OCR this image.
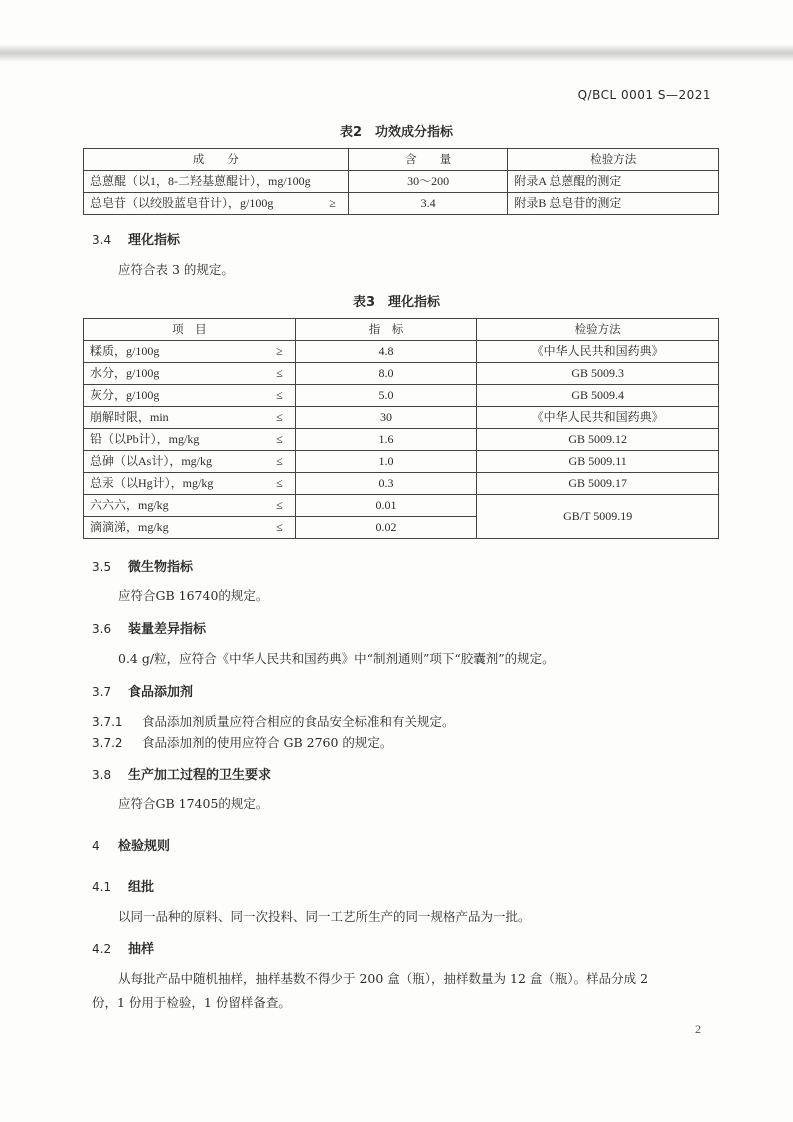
Q/BCL 0001 S—2021
表2　功效成分指标
成　　分	含　　量	检验方法
总蒽醌（以1，8-二羟基蒽醌计），mg/100g	30～200	附录A 总蒽醌的测定
总皂苷（以绞股蓝皂苷计），g/100g ≥	3.4	附录B 总皂苷的测定
3.4 理化指标
应符合表 3 的规定。
表3　理化指标
项　目	指　标	检验方法
糅质，g/100g ≥	4.8	《中华人民共和国药典》
水分，g/100g ≤	8.0	GB 5009.3
灰分，g/100g ≤	5.0	GB 5009.4
崩解时限，min ≤	30	《中华人民共和国药典》
铅（以Pb计），mg/kg ≤	1.6	GB 5009.12
总砷（以As计），mg/kg ≤	1.0	GB 5009.11
总汞（以Hg计），mg/kg ≤	0.3	GB 5009.17
六六六，mg/kg ≤	0.01	GB/T 5009.19
滴滴涕，mg/kg ≤	0.02	
3.5 微生物指标
应符合GB 16740的规定。
3.6 装量差异指标
0.4 g/粒，应符合《中华人民共和国药典》中“制剂通则”项下“胶囊剂”的规定。
3.7 食品添加剂
3.7.1 食品添加剂质量应符合相应的食品安全标准和有关规定。
3.7.2 食品添加剂的使用应符合 GB 2760 的规定。
3.8 生产加工过程的卫生要求
应符合GB 17405的规定。
4 检验规则
4.1 组批
以同一品种的原料、同一次投料、同一工艺所生产的同一规格产品为一批。
4.2 抽样
从每批产品中随机抽样，抽样基数不得少于 200 盒（瓶），抽样数量为 12 盒（瓶）。样品分成 2
份，1 份用于检验，1 份留样备查。
2
